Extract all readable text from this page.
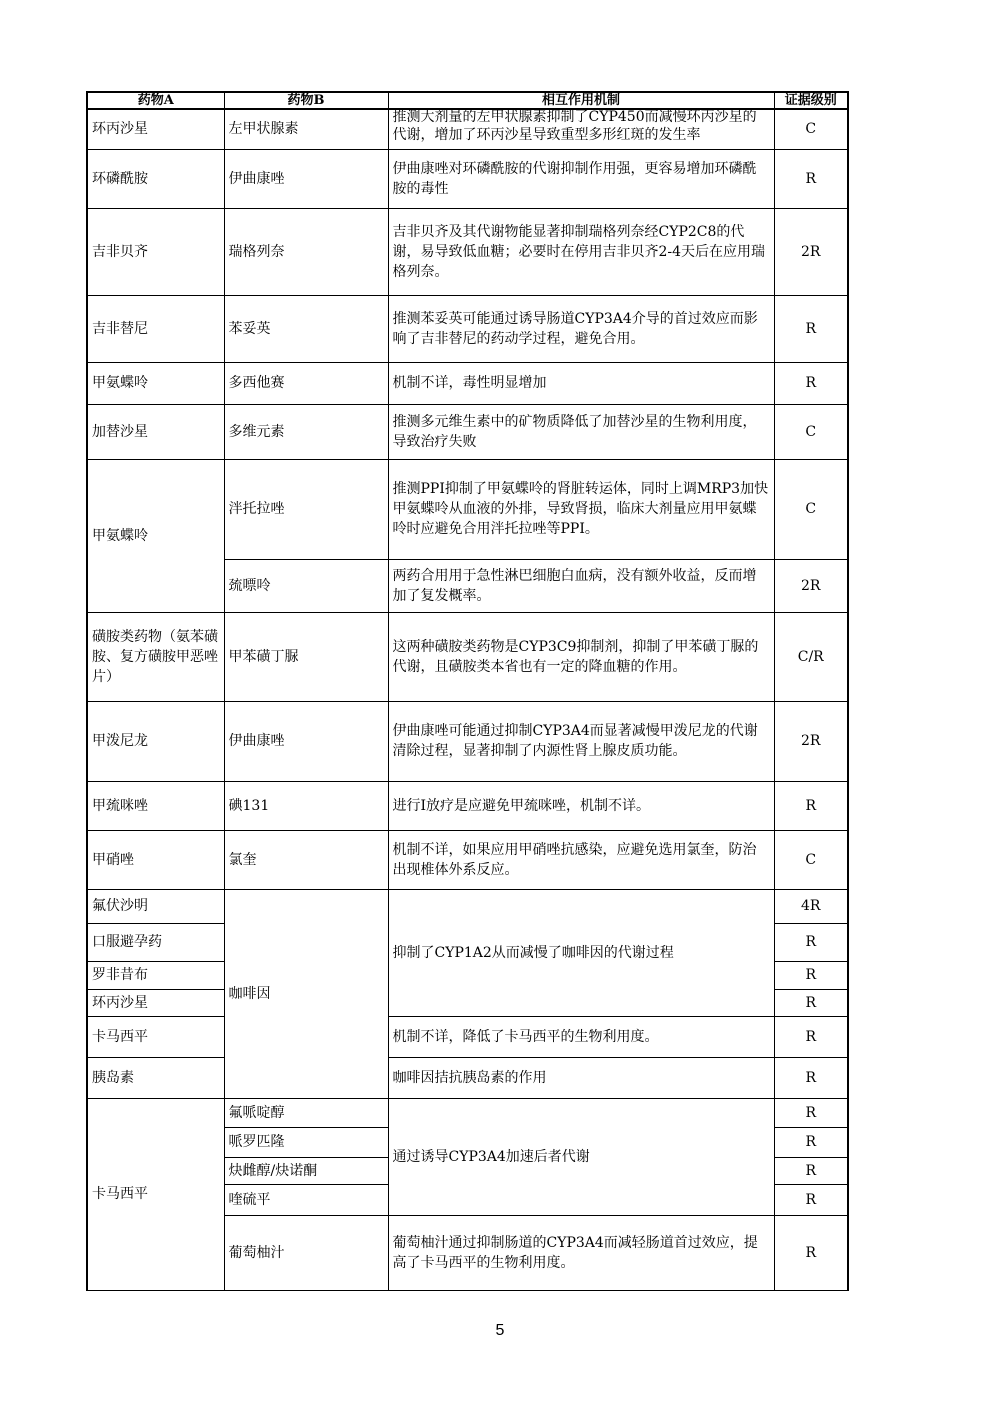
药物A	药物B	相互作用机制	证据级别
环丙沙星	左甲状腺素	推测大剂量的左甲状腺素抑制了CYP450而减慢环丙沙星的代谢，增加了环丙沙星导致重型多形红斑的发生率	C
环磷酰胺	伊曲康唑	伊曲康唑对环磷酰胺的代谢抑制作用强，更容易增加环磷酰胺的毒性	R
吉非贝齐	瑞格列奈	吉非贝齐及其代谢物能显著抑制瑞格列奈经CYP2C8的代谢，易导致低血糖；必要时在停用吉非贝齐2-4天后在应用瑞格列奈。	2R
吉非替尼	苯妥英	推测苯妥英可能通过诱导肠道CYP3A4介导的首过效应而影响了吉非替尼的药动学过程，避免合用。	R
甲氨蝶呤	多西他赛	机制不详，毒性明显增加	R
加替沙星	多维元素	推测多元维生素中的矿物质降低了加替沙星的生物利用度，导致治疗失败	C
甲氨蝶呤	泮托拉唑	推测PPI抑制了甲氨蝶呤的肾脏转运体，同时上调MRP3加快甲氨蝶呤从血液的外排，导致肾损，临床大剂量应用甲氨蝶呤时应避免合用泮托拉唑等PPI。	C
	巯嘌呤	两药合用用于急性淋巴细胞白血病，没有额外收益，反而增加了复发概率。	2R
磺胺类药物（氨苯磺胺、复方磺胺甲恶唑片）	甲苯磺丁脲	这两种磺胺类药物是CYP3C9抑制剂，抑制了甲苯磺丁脲的代谢，且磺胺类本省也有一定的降血糖的作用。	C/R
甲泼尼龙	伊曲康唑	伊曲康唑可能通过抑制CYP3A4而显著减慢甲泼尼龙的代谢清除过程，显著抑制了内源性肾上腺皮质功能。	2R
甲巯咪唑	碘131	进行I放疗是应避免甲巯咪唑，机制不详。	R
甲硝唑	氯奎	机制不详，如果应用甲硝唑抗感染，应避免选用氯奎，防治出现椎体外系反应。	C
氟伏沙明	咖啡因	抑制了CYP1A2从而减慢了咖啡因的代谢过程	4R
口服避孕药			R
罗非昔布			R
环丙沙星			R
卡马西平		机制不详，降低了卡马西平的生物利用度。	R
胰岛素		咖啡因拮抗胰岛素的作用	R
卡马西平	氟哌啶醇	通过诱导CYP3A4加速后者代谢	R
	哌罗匹隆		R
	炔雌醇/炔诺酮		R
	喹硫平		R
	葡萄柚汁	葡萄柚汁通过抑制肠道的CYP3A4而减轻肠道首过效应，提高了卡马西平的生物利用度。	R
5
